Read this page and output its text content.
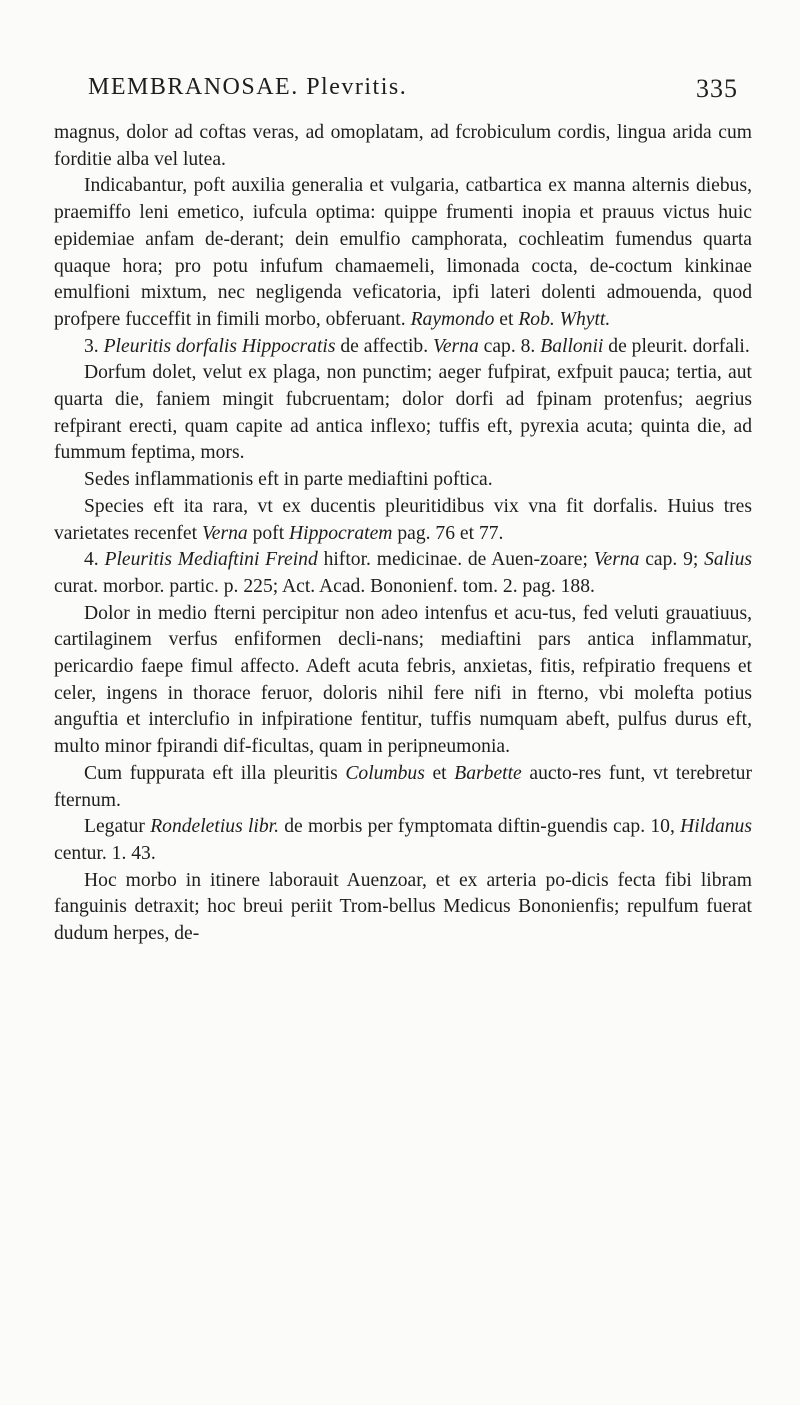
MEMBRANOSAE. Plevritis.	335

magnus, dolor ad coftas veras, ad omoplatam, ad fcrobiculum cordis, lingua arida cum forditie alba vel lutea.

Indicabantur, poft auxilia generalia et vulgaria, catbartica ex manna alternis diebus, praemiffo leni emetico, iufcula optima: quippe frumenti inopia et prauus victus huic epidemiae anfam de-derant; dein emulfio camphorata, cochleatim fumendus quarta quaque hora; pro potu infufum chamaemeli, limonada cocta, de-coctum kinkinae emulfioni mixtum, nec negligenda veficatoria, ipfi lateri dolenti admouenda, quod profpere fucceffit in fimili morbo, obferuant. Raymondo et Rob. Whytt.

3. Pleuritis dorfalis Hippocratis de affectib. Verna cap. 8. Ballonii de pleurit. dorfali.

Dorfum dolet, velut ex plaga, non punctim; aeger fufpirat, exfpuit pauca; tertia, aut quarta die, faniem mingit fubcruentam; dolor dorfi ad fpinam protenfus; aegrius refpirant erecti, quam capite ad antica inflexo; tuffis eft, pyrexia acuta; quinta die, ad fummum feptima, mors.

Sedes inflammationis eft in parte mediaftini poftica.

Species eft ita rara, vt ex ducentis pleuritidibus vix vna fit dorfalis. Huius tres varietates recenfet Verna poft Hippocratem pag. 76 et 77.

4. Pleuritis Mediaftini Freind hiftor. medicinae. de Auen-zoare; Verna cap. 9; Salius curat. morbor. partic. p. 225; Act. Acad. Bononienf. tom. 2. pag. 188.

Dolor in medio fterni percipitur non adeo intenfus et acu-tus, fed veluti grauatiuus, cartilaginem verfus enfiformen decli-nans; mediaftini pars antica inflammatur, pericardio faepe fimul affecto. Adeft acuta febris, anxietas, fitis, refpiratio frequens et celer, ingens in thorace feruor, doloris nihil fere nifi in fterno, vbi molefta potius anguftia et interclufio in infpiratione fentitur, tuffis numquam abeft, pulfus durus eft, multo minor fpirandi dif-ficultas, quam in peripneumonia.

Cum fuppurata eft illa pleuritis Columbus et Barbette aucto-res funt, vt terebretur fternum.

Legatur Rondeletius libr. de morbis per fymptomata diftin-guendis cap. 10, Hildanus centur. 1. 43.

Hoc morbo in itinere laborauit Auenzoar, et ex arteria po-dicis fecta fibi libram fanguinis detraxit; hoc breui periit Trom-bellus Medicus Bononienfis; repulfum fuerat dudum herpes, de-
